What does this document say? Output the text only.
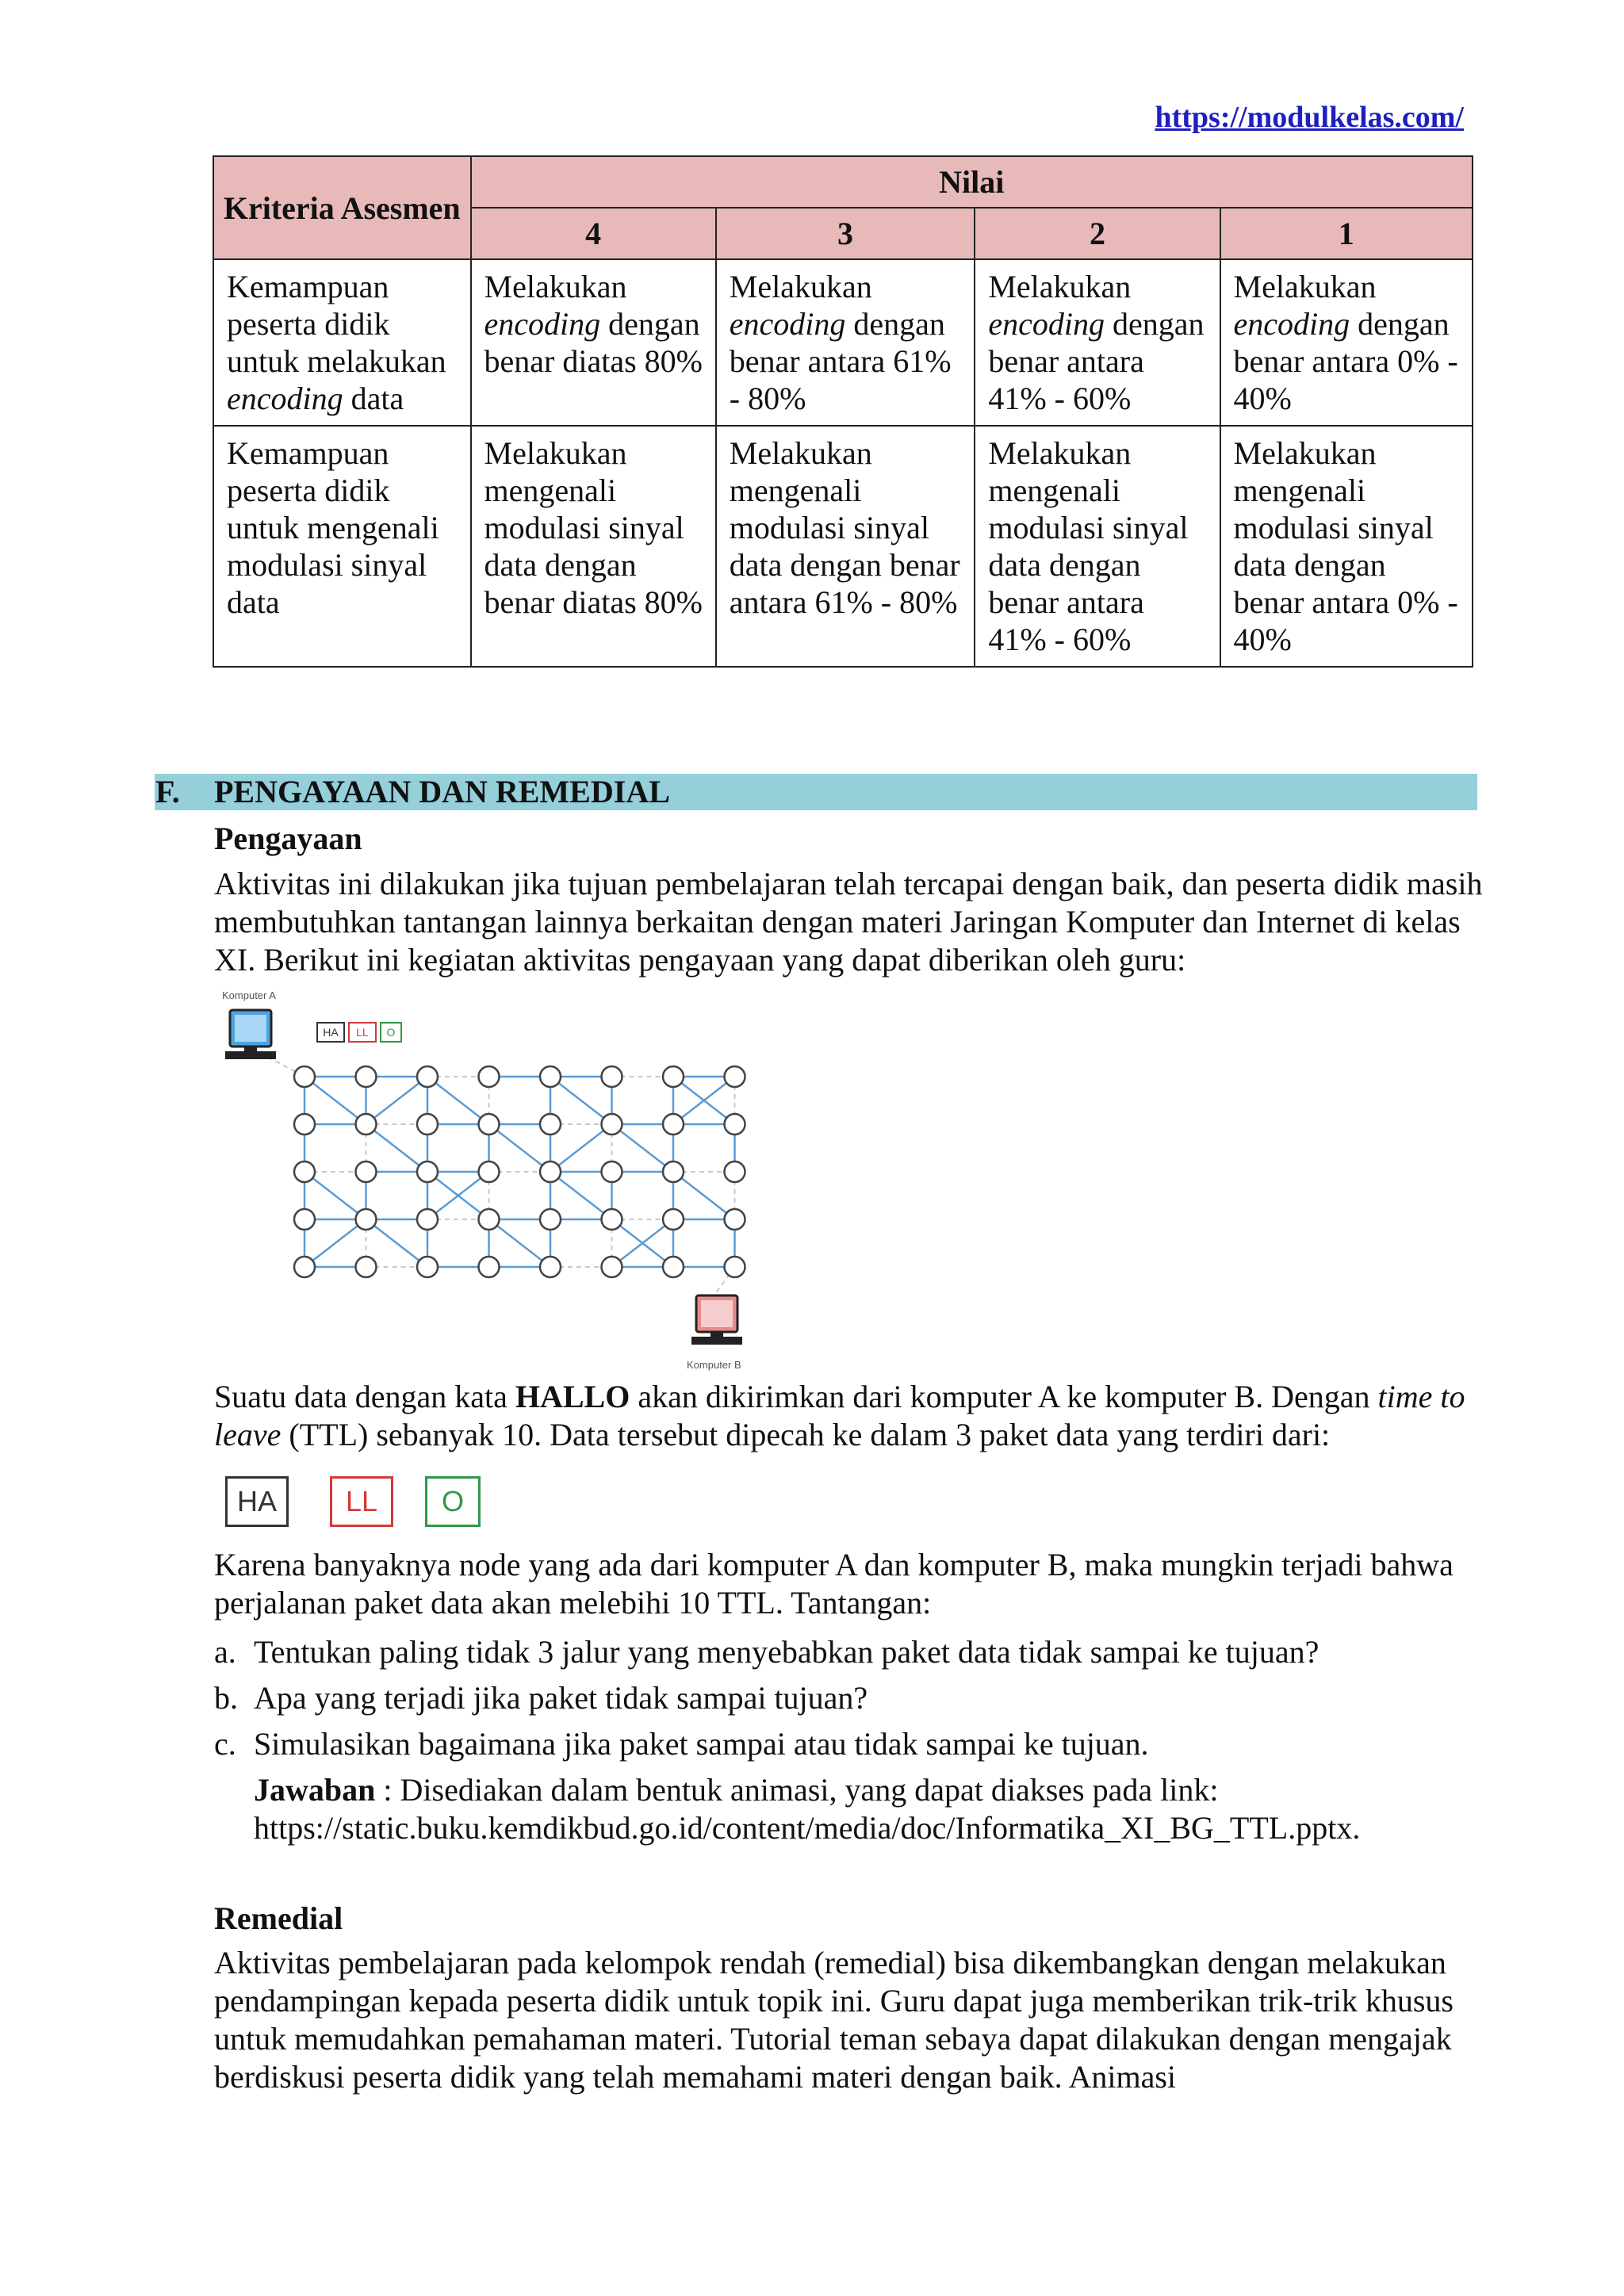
https://modulkelas.com/
Kriteria Asesmen	Nilai			
	4	3	2	1
Kemampuan peserta didik untuk melakukan encoding data	Melakukan encoding dengan benar diatas 80%	Melakukan encoding dengan benar antara 61% - 80%	Melakukan encoding dengan benar antara 41% - 60%	Melakukan encoding dengan benar antara 0% - 40%
Kemampuan peserta didik untuk mengenali modulasi sinyal data	Melakukan mengenali modulasi sinyal data dengan benar diatas 80%	Melakukan mengenali modulasi sinyal data dengan benar antara 61% - 80%	Melakukan mengenali modulasi sinyal data dengan benar antara 41% - 60%	Melakukan mengenali modulasi sinyal data dengan benar antara 0% - 40%
F. PENGAYAAN DAN REMEDIAL
Pengayaan
Aktivitas ini dilakukan jika tujuan pembelajaran telah tercapai dengan baik, dan peserta didik masih membutuhkan tantangan lainnya berkaitan dengan materi Jaringan Komputer dan Internet di kelas XI. Berikut ini kegiatan aktivitas pengayaan yang dapat diberikan oleh guru:
Komputer A
HA LL O
Komputer B
Suatu data dengan kata HALLO akan dikirimkan dari komputer A ke komputer B. Dengan time to leave (TTL) sebanyak 10. Data tersebut dipecah ke dalam 3 paket data yang terdiri dari:
HA	LL	O
Karena banyaknya node yang ada dari komputer A dan komputer B, maka mungkin terjadi bahwa perjalanan paket data akan melebihi 10 TTL. Tantangan:
a. Tentukan paling tidak 3 jalur yang menyebabkan paket data tidak sampai ke tujuan?
b. Apa yang terjadi jika paket tidak sampai tujuan?
c. Simulasikan bagaimana jika paket sampai atau tidak sampai ke tujuan.
Jawaban : Disediakan dalam bentuk animasi, yang dapat diakses pada link:
https://static.buku.kemdikbud.go.id/content/media/doc/Informatika_XI_BG_TTL.pptx.
Remedial
Aktivitas pembelajaran pada kelompok rendah (remedial) bisa dikembangkan dengan melakukan pendampingan kepada peserta didik untuk topik ini. Guru dapat juga memberikan trik-trik khusus untuk memudahkan pemahaman materi. Tutorial teman sebaya dapat dilakukan dengan mengajak berdiskusi peserta didik yang telah memahami materi dengan baik. Animasi
